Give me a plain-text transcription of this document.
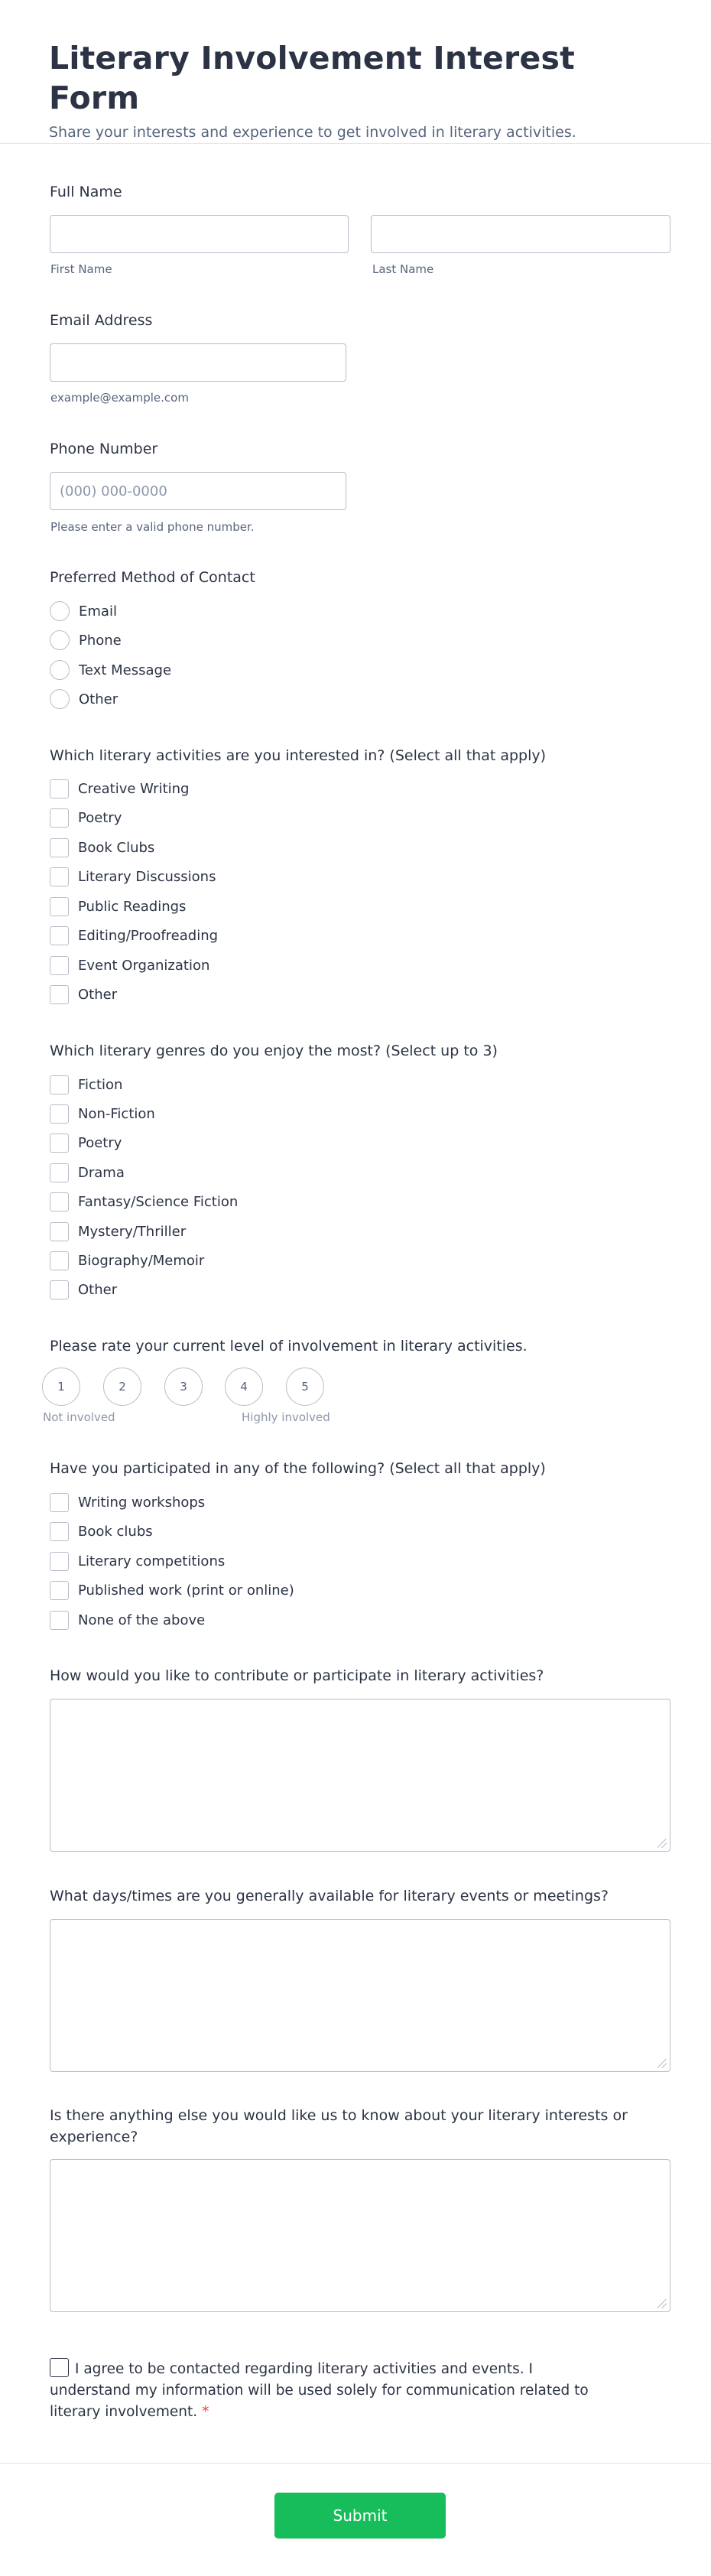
Literary Involvement Interest Form

Share your interests and experience to get involved in literary activities.

Full Name
First Name	Last Name
Email Address
example@example.com
Phone Number
(000) 000-0000
Please enter a valid phone number.
Preferred Method of Contact
Email
Phone
Text Message
Other
Which literary activities are you interested in? (Select all that apply)
Creative Writing
Poetry
Book Clubs
Literary Discussions
Public Readings
Editing/Proofreading
Event Organization
Other
Which literary genres do you enjoy the most? (Select up to 3)
Fiction
Non-Fiction
Poetry
Drama
Fantasy/Science Fiction
Mystery/Thriller
Biography/Memoir
Other
Please rate your current level of involvement in literary activities.
1	2	3	4	5
Not involved	Highly involved
Have you participated in any of the following? (Select all that apply)
Writing workshops
Book clubs
Literary competitions
Published work (print or online)
None of the above
How would you like to contribute or participate in literary activities?
What days/times are you generally available for literary events or meetings?
Is there anything else you would like us to know about your literary interests or experience?
I agree to be contacted regarding literary activities and events. I understand my information will be used solely for communication related to literary involvement. *
Submit
